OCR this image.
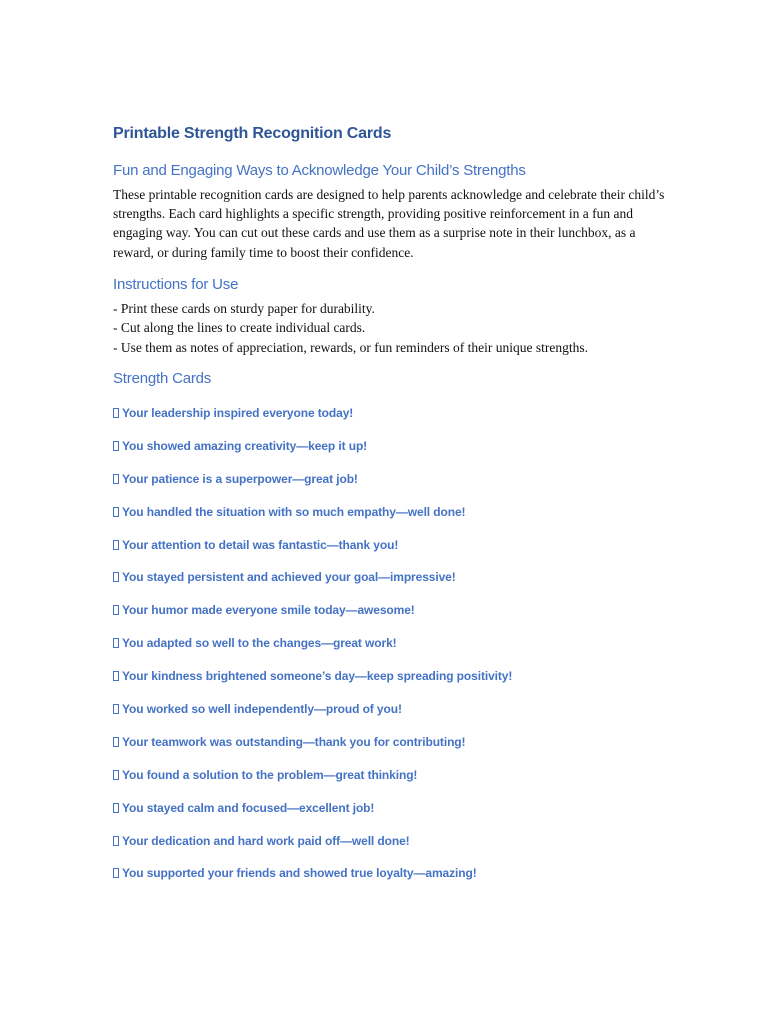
Printable Strength Recognition Cards
Fun and Engaging Ways to Acknowledge Your Child’s Strengths

These printable recognition cards are designed to help parents acknowledge and celebrate their child’s strengths. Each card highlights a specific strength, providing positive reinforcement in a fun and engaging way. You can cut out these cards and use them as a surprise note in their lunchbox, as a reward, or during family time to boost their confidence.

Instructions for Use
- Print these cards on sturdy paper for durability.
- Cut along the lines to create individual cards.
- Use them as notes of appreciation, rewards, or fun reminders of their unique strengths.
Strength Cards
Your leadership inspired everyone today!
You showed amazing creativity—keep it up!
Your patience is a superpower—great job!
You handled the situation with so much empathy—well done!
Your attention to detail was fantastic—thank you!
You stayed persistent and achieved your goal—impressive!
Your humor made everyone smile today—awesome!
You adapted so well to the changes—great work!
Your kindness brightened someone’s day—keep spreading positivity!
You worked so well independently—proud of you!
Your teamwork was outstanding—thank you for contributing!
You found a solution to the problem—great thinking!
You stayed calm and focused—excellent job!
Your dedication and hard work paid off—well done!
You supported your friends and showed true loyalty—amazing!
